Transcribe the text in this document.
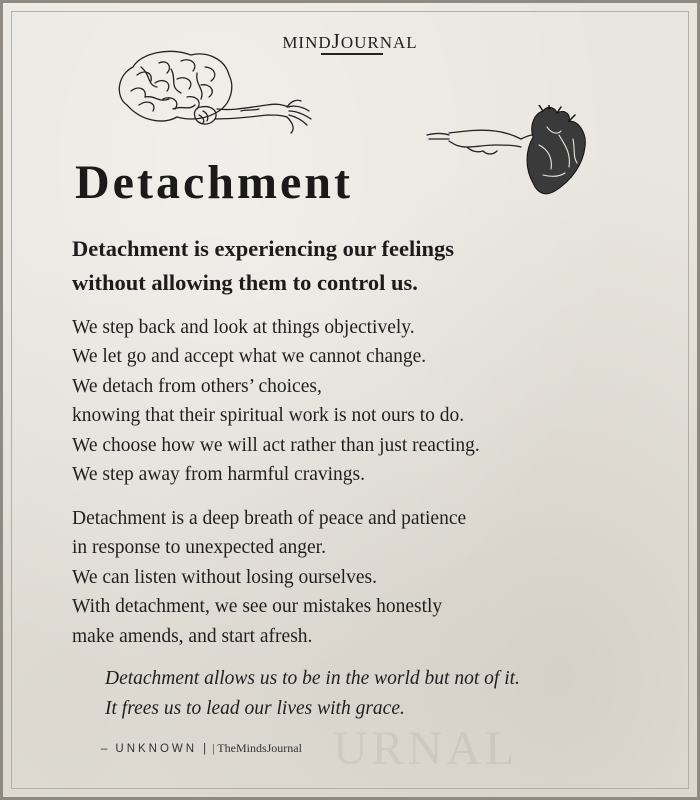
MINDJOURNAL
Detachment
Detachment is experiencing our feelings
without allowing them to control us.
We step back and look at things objectively.
We let go and accept what we cannot change.
We detach from others’ choices,
knowing that their spiritual work is not ours to do.
We choose how we will act rather than just reacting.
We step away from harmful cravings.
Detachment is a deep breath of peace and patience
in response to unexpected anger.
We can listen without losing ourselves.
With detachment, we see our mistakes honestly
make amends, and start afresh.
Detachment allows us to be in the world but not of it.
It frees us to lead our lives with grace.
URNAL
– UNKNOWN | | TheMindsJournal
